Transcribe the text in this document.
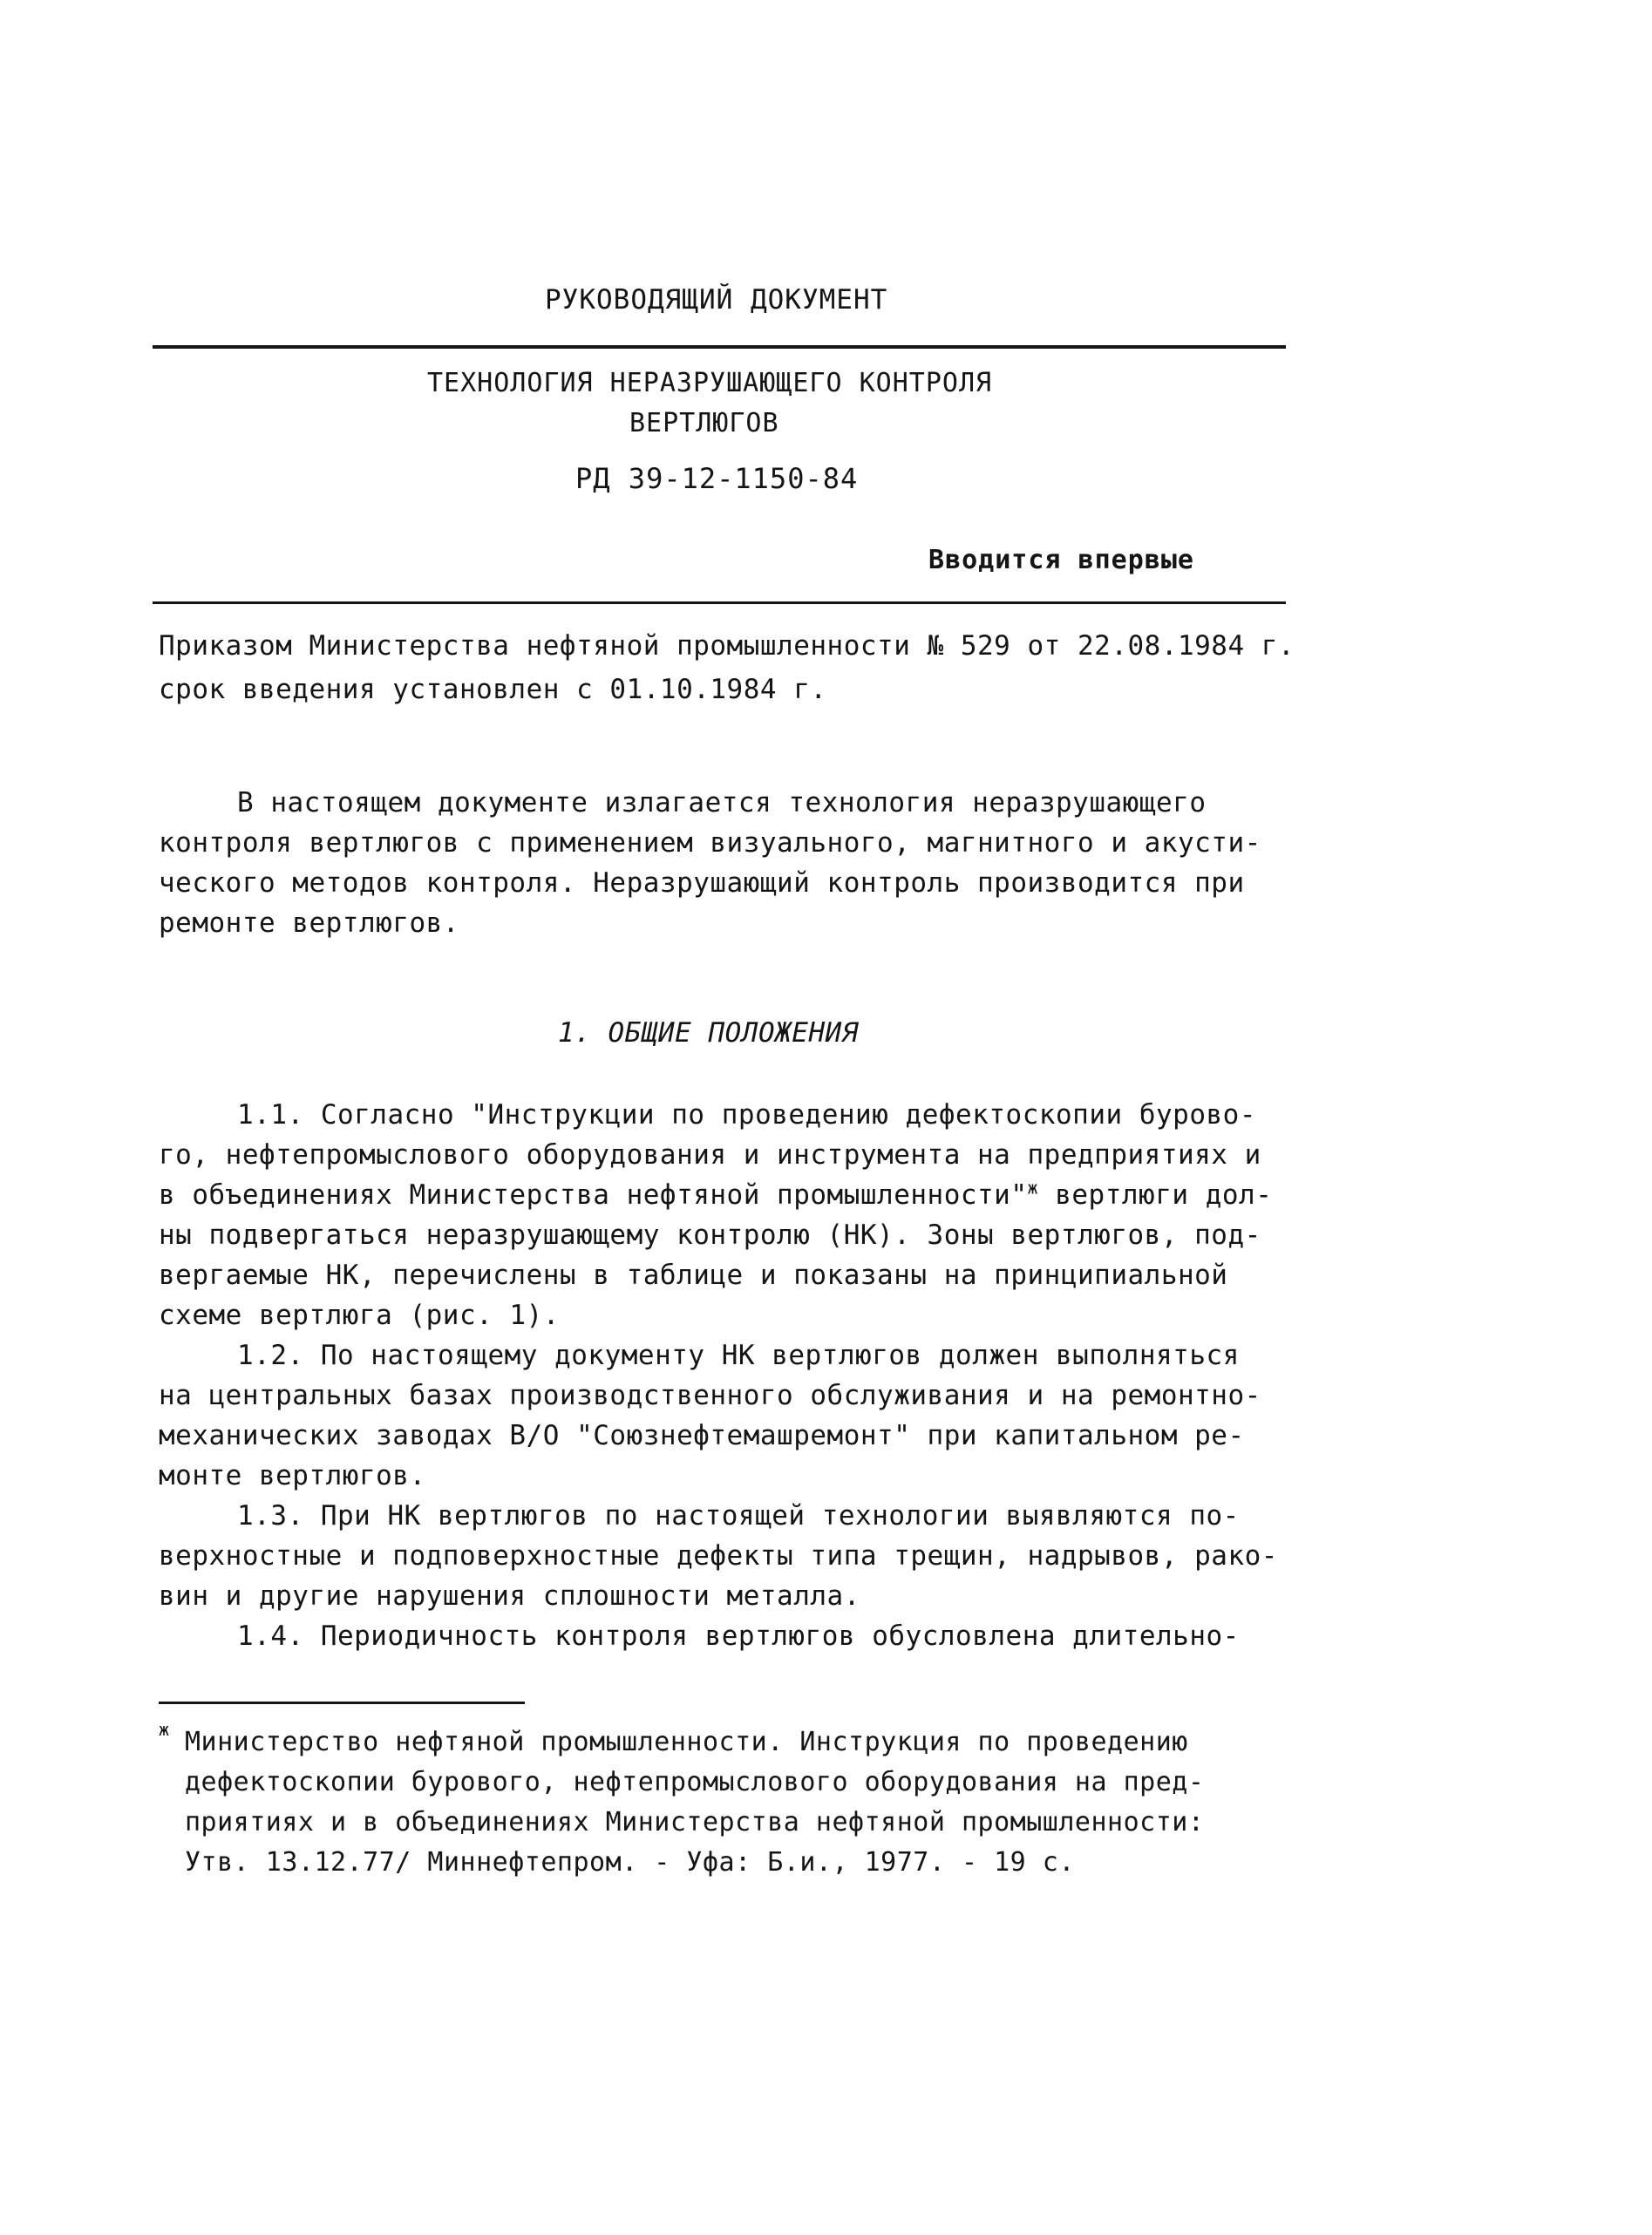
РУКОВОДЯЩИЙ ДОКУМЕНТ
ТЕХНОЛОГИЯ НЕРАЗРУШАЮЩЕГО КОНТРОЛЯ
ВЕРТЛЮГОВ
РД 39-12-1150-84
Вводится впервые
Приказом Министерства нефтяной промышленности № 529 от 22.08.1984 г.
срок введения установлен с 01.10.1984 г.
В настоящем документе излагается технология неразрушающего
контроля вертлюгов с применением визуального, магнитного и акусти-
ческого методов контроля. Неразрушающий контроль производится при
ремонте вертлюгов.
1. ОБЩИЕ ПОЛОЖЕНИЯ
1.1. Согласно "Инструкции по проведению дефектоскопии бурово-
го, нефтепромыслового оборудования и инструмента на предприятиях и
в объединениях Министерства нефтяной промышленности"$^ж$ вертлюги дол-
ны подвергаться неразрушающему контролю (НК). Зоны вертлюгов, под-
вергаемые НК, перечислены в таблице и показаны на принципиальной
схеме вертлюга (рис. 1).
1.2. По настоящему документу НК вертлюгов должен выполняться
на центральных базах производственного обслуживания и на ремонтно-
механических заводах В/О "Союзнефтемашремонт" при капитальном ре-
монте вертлюгов.
1.3. При НК вертлюгов по настоящей технологии выявляются по-
верхностные и подповерхностные дефекты типа трещин, надрывов, рако-
вин и другие нарушения сплошности металла.
1.4. Периодичность контроля вертлюгов обусловлена длительно-
ж Министерство нефтяной промышленности. Инструкция по проведению
дефектоскопии бурового, нефтепромыслового оборудования на пред-
приятиях и в объединениях Министерства нефтяной промышленности:
Утв. 13.12.77/ Миннефтепром. - Уфа: Б.и., 1977. - 19 с.
